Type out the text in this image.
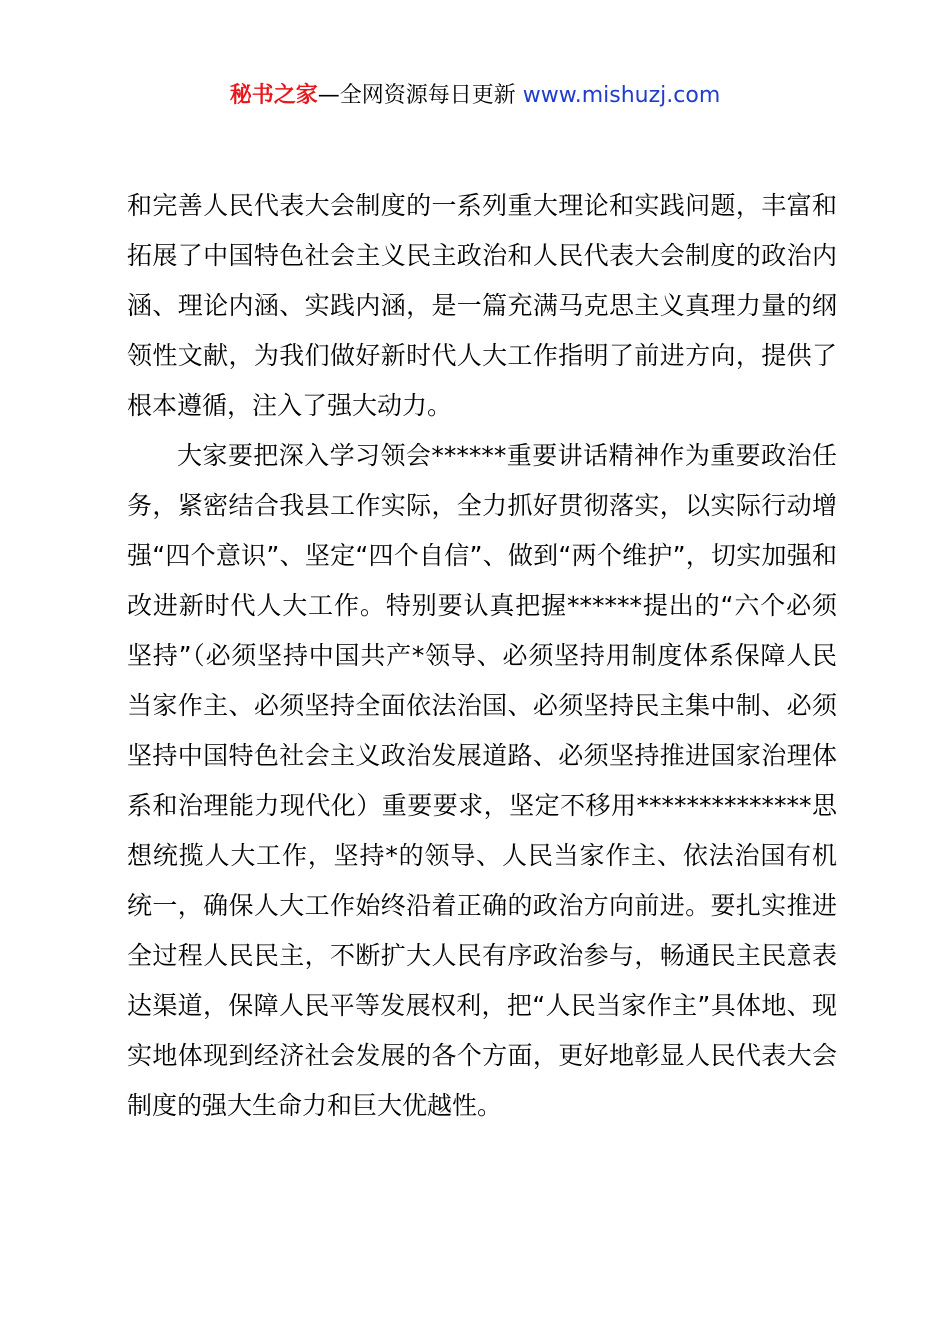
秘书之家—全网资源每日更新 www.mishuzj.com

和完善人民代表大会制度的一系列重大理论和实践问题，丰富和拓展了中国特色社会主义民主政治和人民代表大会制度的政治内涵、理论内涵、实践内涵，是一篇充满马克思主义真理力量的纲领性文献，为我们做好新时代人大工作指明了前进方向，提供了根本遵循，注入了强大动力。

大家要把深入学习领会******重要讲话精神作为重要政治任务，紧密结合我县工作实际，全力抓好贯彻落实，以实际行动增强“四个意识”、坚定“四个自信”、做到“两个维护”，切实加强和改进新时代人大工作。特别要认真把握******提出的“六个必须坚持”（必须坚持中国共产*领导、必须坚持用制度体系保障人民当家作主、必须坚持全面依法治国、必须坚持民主集中制、必须坚持中国特色社会主义政治发展道路、必须坚持推进国家治理体系和治理能力现代化）重要要求，坚定不移用**************思想统揽人大工作，坚持*的领导、人民当家作主、依法治国有机统一，确保人大工作始终沿着正确的政治方向前进。要扎实推进全过程人民民主，不断扩大人民有序政治参与，畅通民主民意表达渠道，保障人民平等发展权利，把“人民当家作主”具体地、现实地体现到经济社会发展的各个方面，更好地彰显人民代表大会制度的强大生命力和巨大优越性。
